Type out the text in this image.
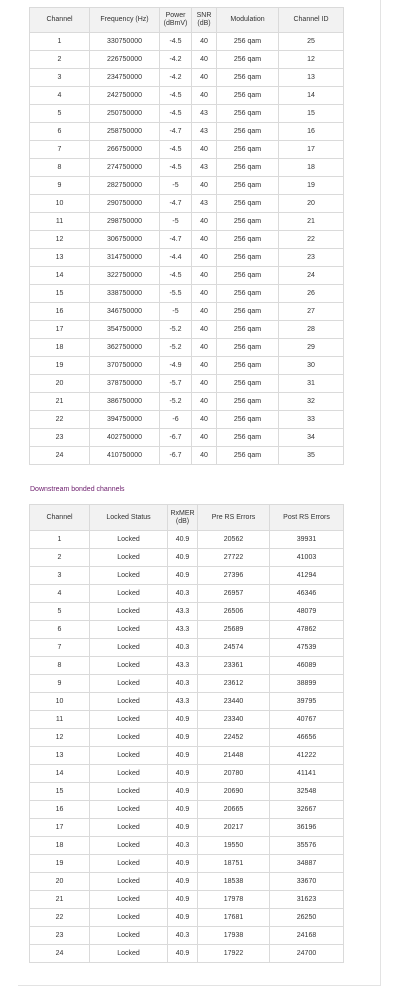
Channel	Frequency (Hz)	Power (dBmV)	SNR (dB)	Modulation	Channel ID
1	330750000	-4.5	40	256 qam	25
2	226750000	-4.2	40	256 qam	12
3	234750000	-4.2	40	256 qam	13
4	242750000	-4.5	40	256 qam	14
5	250750000	-4.5	43	256 qam	15
6	258750000	-4.7	43	256 qam	16
7	266750000	-4.5	40	256 qam	17
8	274750000	-4.5	43	256 qam	18
9	282750000	-5	40	256 qam	19
10	290750000	-4.7	43	256 qam	20
11	298750000	-5	40	256 qam	21
12	306750000	-4.7	40	256 qam	22
13	314750000	-4.4	40	256 qam	23
14	322750000	-4.5	40	256 qam	24
15	338750000	-5.5	40	256 qam	26
16	346750000	-5	40	256 qam	27
17	354750000	-5.2	40	256 qam	28
18	362750000	-5.2	40	256 qam	29
19	370750000	-4.9	40	256 qam	30
20	378750000	-5.7	40	256 qam	31
21	386750000	-5.2	40	256 qam	32
22	394750000	-6	40	256 qam	33
23	402750000	-6.7	40	256 qam	34
24	410750000	-6.7	40	256 qam	35
Downstream bonded channels
Channel	Locked Status	RxMER (dB)	Pre RS Errors	Post RS Errors
1	Locked	40.9	20562	39931
2	Locked	40.9	27722	41003
3	Locked	40.9	27396	41294
4	Locked	40.3	26957	46346
5	Locked	43.3	26506	48079
6	Locked	43.3	25689	47862
7	Locked	40.3	24574	47539
8	Locked	43.3	23361	46089
9	Locked	40.3	23612	38899
10	Locked	43.3	23440	39795
11	Locked	40.9	23340	40767
12	Locked	40.9	22452	46656
13	Locked	40.9	21448	41222
14	Locked	40.9	20780	41141
15	Locked	40.9	20690	32548
16	Locked	40.9	20665	32667
17	Locked	40.9	20217	36196
18	Locked	40.3	19550	35576
19	Locked	40.9	18751	34887
20	Locked	40.9	18538	33670
21	Locked	40.9	17978	31623
22	Locked	40.9	17681	26250
23	Locked	40.3	17938	24168
24	Locked	40.9	17922	24700
